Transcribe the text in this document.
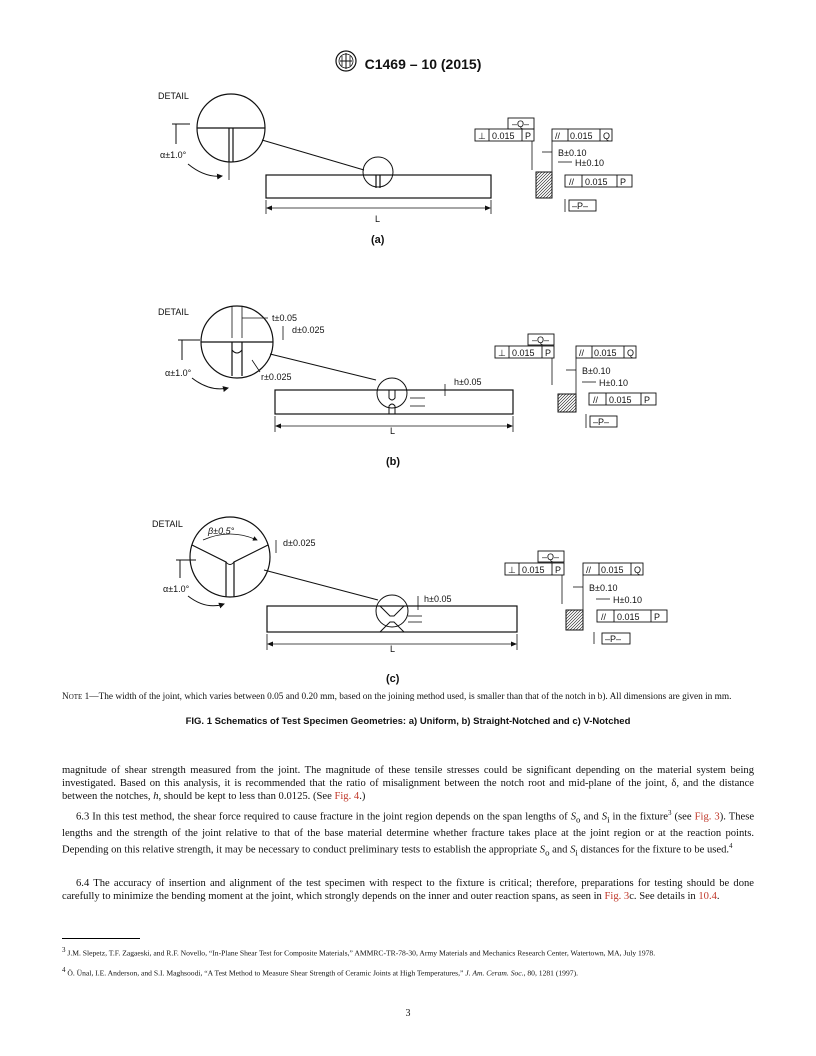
C1469 – 10 (2015)
DETAIL
α±1.0°
L
–Q–
⊥ 0.015 P	// 0.015 Q
B±0.10
H±0.10
// 0.015 P
–P–
(a)
DETAIL
t±0.05
d±0.025
r±0.025
α±1.0°
h±0.05
L
–Q–
⊥ 0.015 P	// 0.015 Q
B±0.10
H±0.10
// 0.015 P
–P–
(b)
DETAIL
β±0.5°
d±0.025
α±1.0°
h±0.05
L
–Q–
⊥ 0.015 P	// 0.015 Q
B±0.10
H±0.10
// 0.015 P
–P–
(c)
Note 1—The width of the joint, which varies between 0.05 and 0.20 mm, based on the joining method used, is smaller than that of the notch in b). All dimensions are given in mm.
FIG. 1 Schematics of Test Specimen Geometries: a) Uniform, b) Straight-Notched and c) V-Notched

magnitude of shear strength measured from the joint. The magnitude of these tensile stresses could be significant depending on the material system being investigated. Based on this analysis, it is recommended that the ratio of misalignment between the notch root and mid-plane of the joint, δ, and the distance between the notches, h, should be kept to less than 0.0125. (See Fig. 4.)

6.3 In this test method, the shear force required to cause fracture in the joint region depends on the span lengths of $S_o$ and $S_i$ in the fixture$^3$ (see Fig. 3). These lengths and the strength of the joint relative to that of the base material determine whether fracture takes place at the joint region or at the reaction points. Depending on this relative strength, it may be necessary to conduct preliminary tests to establish the appropriate $S_o$ and $S_i$ distances for the fixture to be used.$^4$

6.4 The accuracy of insertion and alignment of the test specimen with respect to the fixture is critical; therefore, preparations for testing should be done carefully to minimize the bending moment at the joint, which strongly depends on the inner and outer reaction spans, as seen in Fig. 3c. See details in 10.4.

$^3$ J.M. Slepetz, T.F. Zagaeski, and R.F. Novello, “In-Plane Shear Test for Composite Materials,” AMMRC-TR-78-30, Army Materials and Mechanics Research Center, Watertown, MA, July 1978.
$^4$ Ö. Ünal, I.E. Anderson, and S.I. Maghsoodi, “A Test Method to Measure Shear Strength of Ceramic Joints at High Temperatures,” J. Am. Ceram. Soc., 80, 1281 (1997).
3
